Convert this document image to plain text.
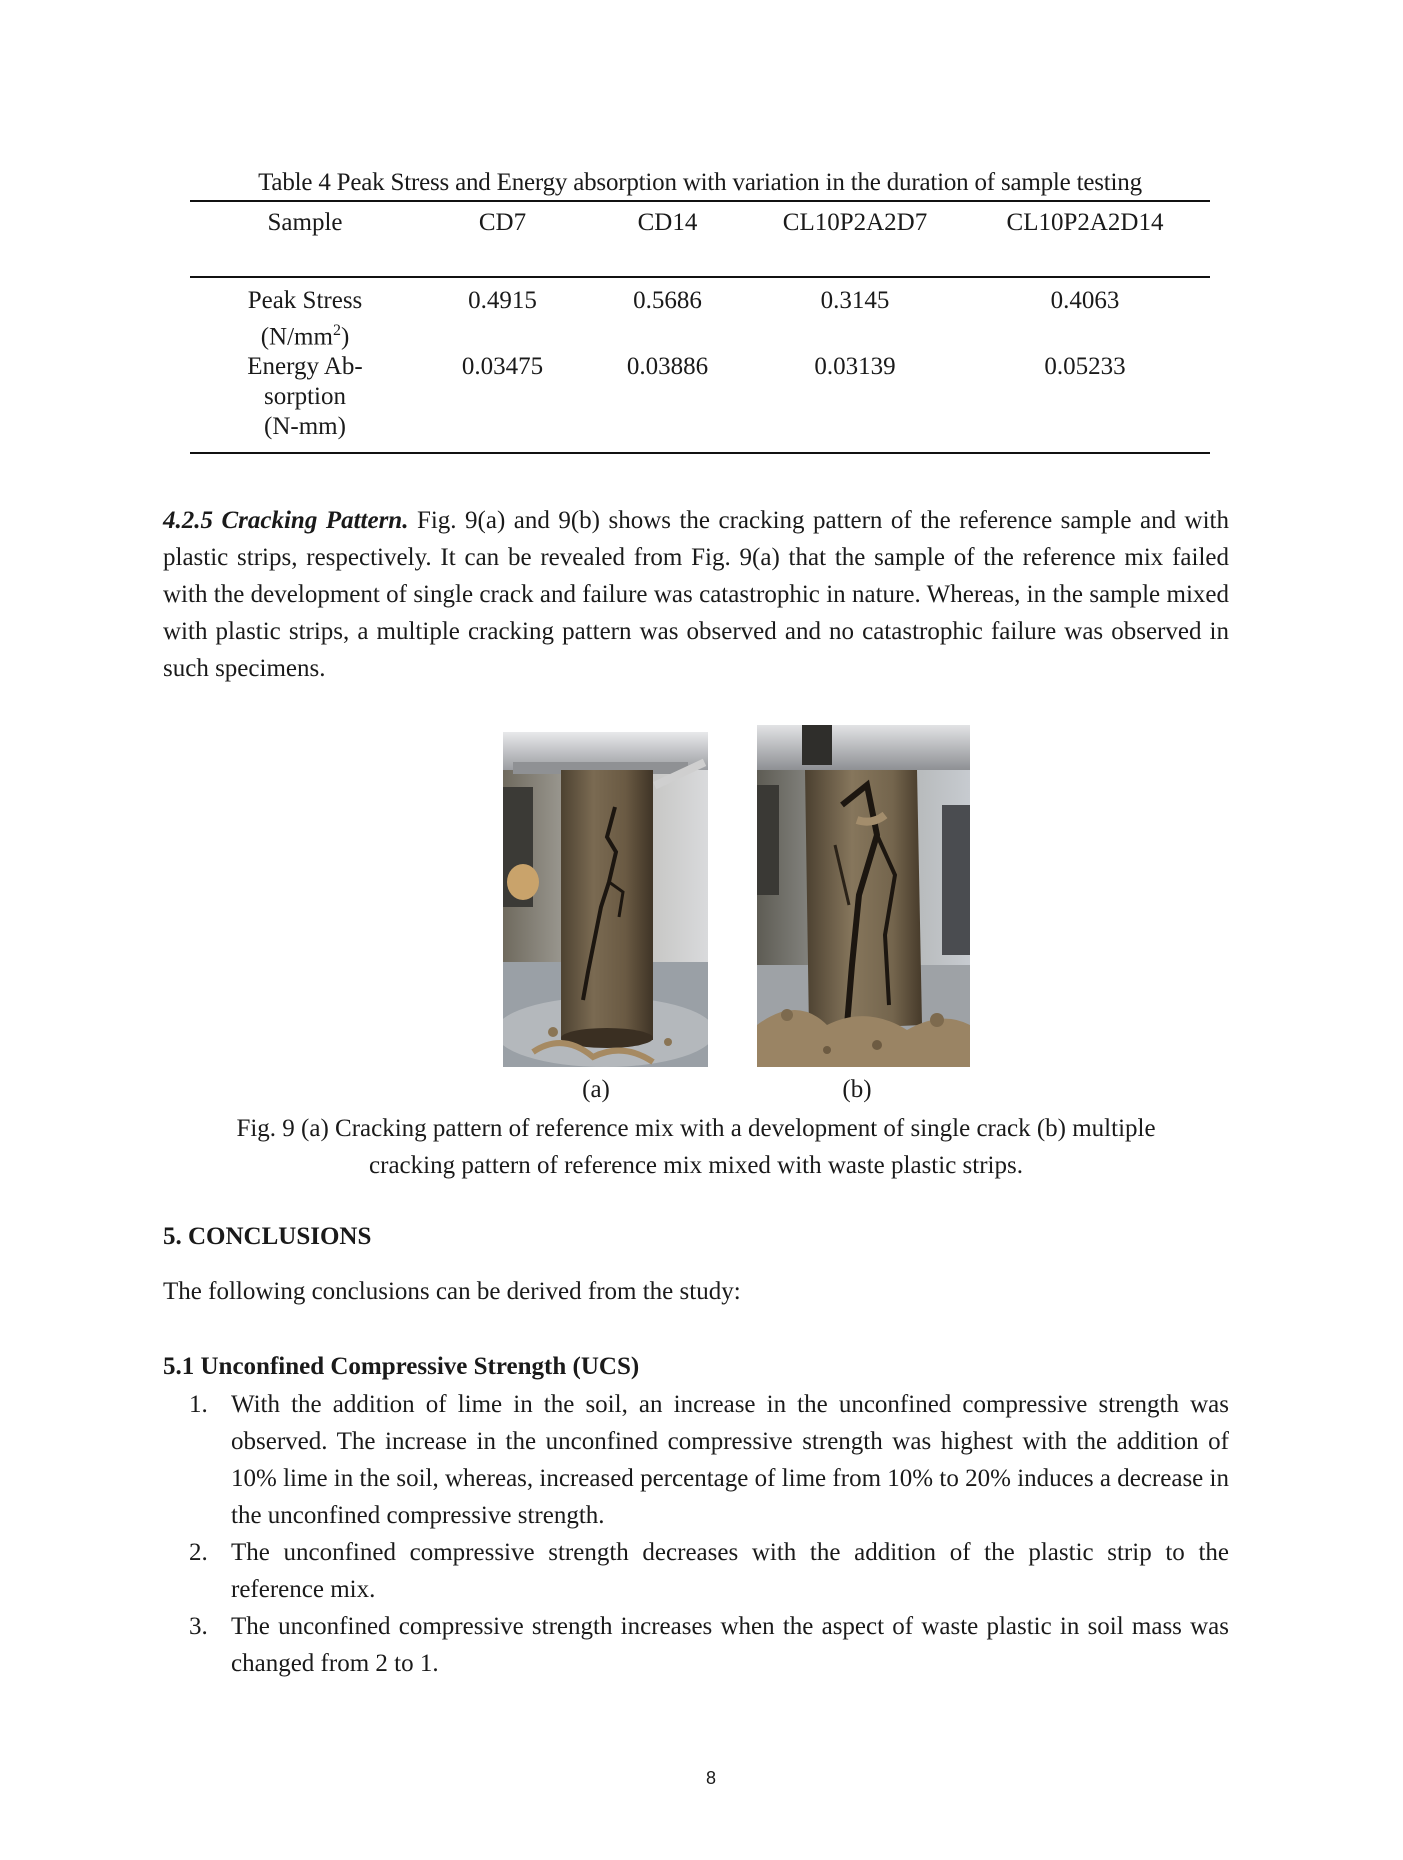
Table 4 Peak Stress and Energy absorption with variation in the duration of sample testing
Sample	CD7	CD14	CL10P2A2D7	CL10P2A2D14
Peak Stress
$(N/mm^2)$	0.4915	0.5686	0.3145	0.4063
Energy Ab-
sorption
(N-mm)	0.03475	0.03886	0.03139	0.05233

4.2.5 Cracking Pattern. Fig. 9(a) and 9(b) shows the cracking pattern of the reference sample and with plastic strips, respectively. It can be revealed from Fig. 9(a) that the sample of the reference mix failed with the development of single crack and failure was catastrophic in nature. Whereas, in the sample mixed with plastic strips, a multiple cracking pattern was observed and no catastrophic failure was observed in such specimens.

(a)	(b)
Fig. 9 (a) Cracking pattern of reference mix with a development of single crack (b) multiple
cracking pattern of reference mix mixed with waste plastic strips.
5. CONCLUSIONS
The following conclusions can be derived from the study:
5.1 Unconfined Compressive Strength (UCS)
1. With the addition of lime in the soil, an increase in the unconfined compressive strength was observed. The increase in the unconfined compressive strength was highest with the addition of 10% lime in the soil, whereas, increased percentage of lime from 10% to 20% induces a decrease in the unconfined compressive strength.
2. The unconfined compressive strength decreases with the addition of the plastic strip to the reference mix.
3. The unconfined compressive strength increases when the aspect of waste plastic in soil mass was changed from 2 to 1.
8
